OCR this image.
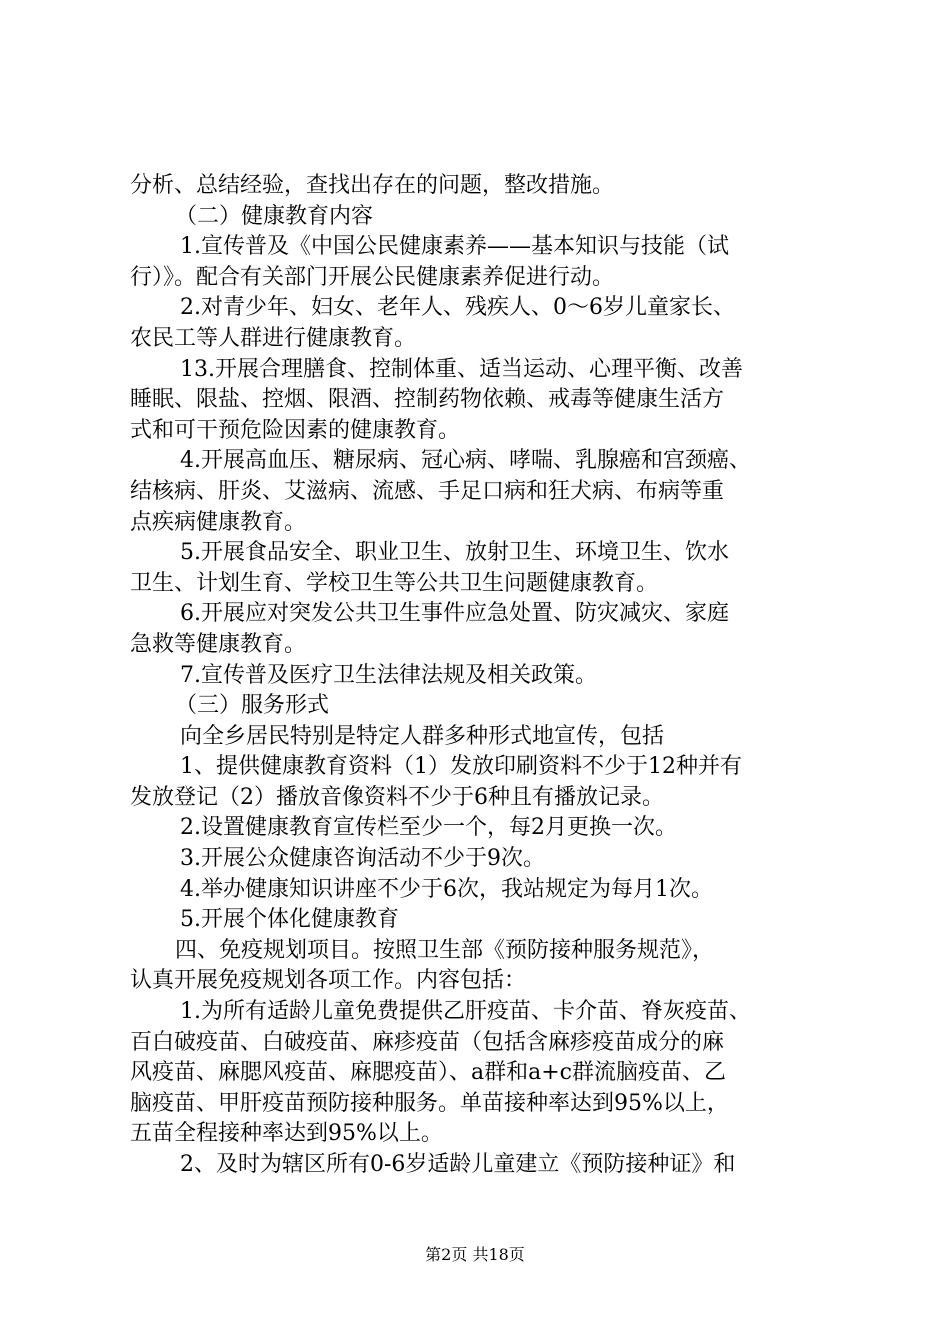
分析、总结经验，查找出存在的问题，整改措施。
（二）健康教育内容
1.宣传普及《中国公民健康素养——基本知识与技能（试
行）》。配合有关部门开展公民健康素养促进行动。
2.对青少年、妇女、老年人、残疾人、0～6岁儿童家长、
农民工等人群进行健康教育。
13.开展合理膳食、控制体重、适当运动、心理平衡、改善
睡眠、限盐、控烟、限酒、控制药物依赖、戒毒等健康生活方
式和可干预危险因素的健康教育。
4.开展高血压、糖尿病、冠心病、哮喘、乳腺癌和宫颈癌、
结核病、肝炎、艾滋病、流感、手足口病和狂犬病、布病等重
点疾病健康教育。
5.开展食品安全、职业卫生、放射卫生、环境卫生、饮水
卫生、计划生育、学校卫生等公共卫生问题健康教育。
6.开展应对突发公共卫生事件应急处置、防灾减灾、家庭
急救等健康教育。
7.宣传普及医疗卫生法律法规及相关政策。
（三）服务形式
向全乡居民特别是特定人群多种形式地宣传，包括
1、提供健康教育资料（1）发放印刷资料不少于12种并有
发放登记（2）播放音像资料不少于6种且有播放记录。
2.设置健康教育宣传栏至少一个，每2月更换一次。
3.开展公众健康咨询活动不少于9次。
4.举办健康知识讲座不少于6次，我站规定为每月1次。
5.开展个体化健康教育
四、免疫规划项目。按照卫生部《预防接种服务规范》，
认真开展免疫规划各项工作。内容包括：
1.为所有适龄儿童免费提供乙肝疫苗、卡介苗、脊灰疫苗、
百白破疫苗、白破疫苗、麻疹疫苗（包括含麻疹疫苗成分的麻
风疫苗、麻腮风疫苗、麻腮疫苗）、a群和a+c群流脑疫苗、乙
脑疫苗、甲肝疫苗预防接种服务。单苗接种率达到95%以上，
五苗全程接种率达到95%以上。
2、及时为辖区所有0-6岁适龄儿童建立《预防接种证》和
第2页 共18页
